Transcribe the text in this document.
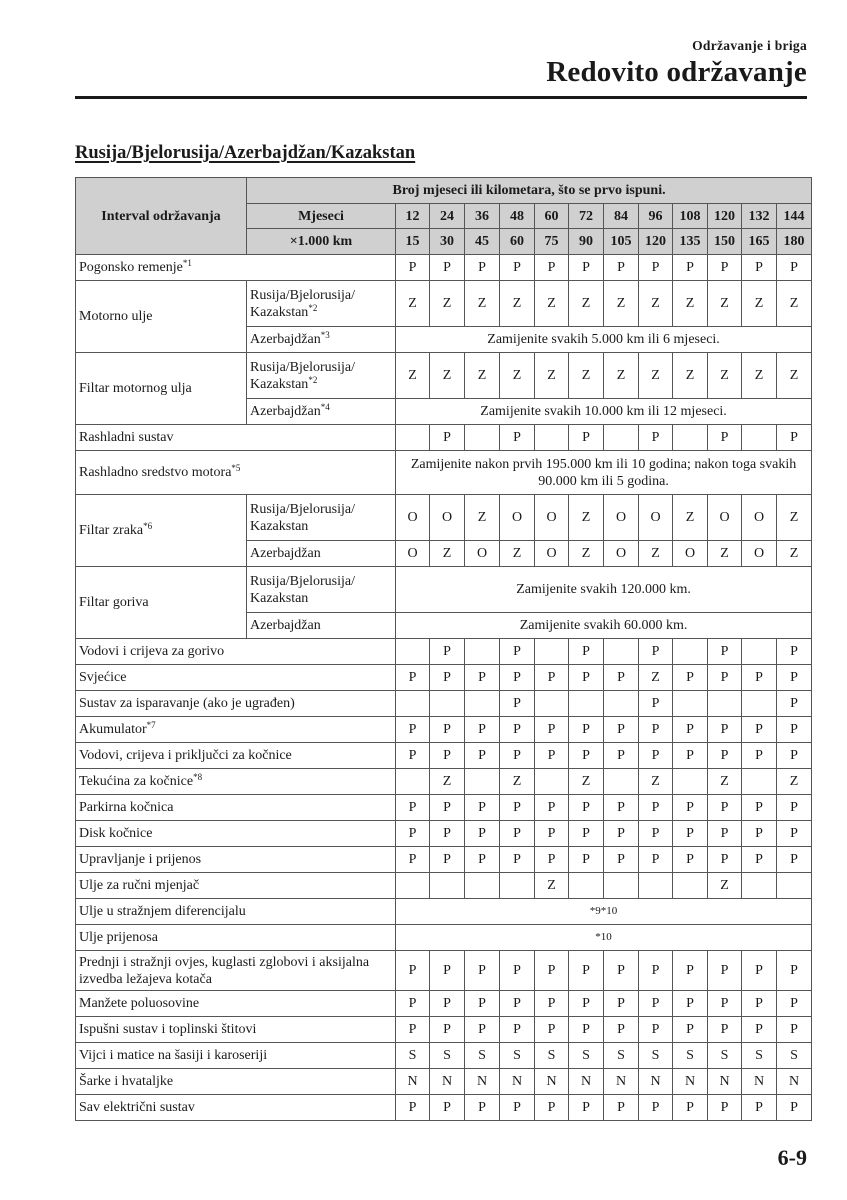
Održavanje i briga
Redovito održavanje
Rusija/Bjelorusija/Azerbajdžan/Kazakstan
Interval održavanja	Broj mjeseci ili kilometara, što se prvo ispuni.												
	Mjeseci	12	24	36	48	60	72	84	96	108	120	132	144
	×1.000 km	15	30	45	60	75	90	105	120	135	150	165	180
Pogonsko remenje$^{*1}$		P	P	P	P	P	P	P	P	P	P	P	P
Motorno ulje	Rusija/Bjelorusija/ Kazakstan$^{*2}$	Z	Z	Z	Z	Z	Z	Z	Z	Z	Z	Z	Z
	Azerbajdžan$^{*3}$	Zamijenite svakih 5.000 km ili 6 mjeseci.											
Filtar motornog ulja	Rusija/Bjelorusija/ Kazakstan$^{*2}$	Z	Z	Z	Z	Z	Z	Z	Z	Z	Z	Z	Z
	Azerbajdžan$^{*4}$	Zamijenite svakih 10.000 km ili 12 mjeseci.											
Rashladni sustav			P		P		P		P		P		P
Rashladno sredstvo motora$^{*5}$		Zamijenite nakon prvih 195.000 km ili 10 godina; nakon toga svakih 90.000 km ili 5 godina.											
Filtar zraka$^{*6}$	Rusija/Bjelorusija/ Kazakstan	O	O	Z	O	O	Z	O	O	Z	O	O	Z
	Azerbajdžan	O	Z	O	Z	O	Z	O	Z	O	Z	O	Z
Filtar goriva	Rusija/Bjelorusija/ Kazakstan	Zamijenite svakih 120.000 km.											
	Azerbajdžan	Zamijenite svakih 60.000 km.											
Vodovi i crijeva za gorivo			P		P		P		P		P		P
Svjećice		P	P	P	P	P	P	P	Z	P	P	P	P
Sustav za isparavanje (ako je ugrađen)					P				P				P
Akumulator$^{*7}$		P	P	P	P	P	P	P	P	P	P	P	P
Vodovi, crijeva i priključci za kočnice		P	P	P	P	P	P	P	P	P	P	P	P
Tekućina za kočnice$^{*8}$			Z		Z		Z		Z		Z		Z
Parkirna kočnica		P	P	P	P	P	P	P	P	P	P	P	P
Disk kočnice		P	P	P	P	P	P	P	P	P	P	P	P
Upravljanje i prijenos		P	P	P	P	P	P	P	P	P	P	P	P
Ulje za ručni mjenjač						Z					Z		
Ulje u stražnjem diferencijalu		*9*10											
Ulje prijenosa		*10											
Prednji i stražnji ovjes, kuglasti zglobovi i aksijalna izvedba ležajeva kotača		P	P	P	P	P	P	P	P	P	P	P	P
Manžete poluosovine		P	P	P	P	P	P	P	P	P	P	P	P
Ispušni sustav i toplinski štitovi		P	P	P	P	P	P	P	P	P	P	P	P
Vijci i matice na šasiji i karoseriji		S	S	S	S	S	S	S	S	S	S	S	S
Šarke i hvataljke		N	N	N	N	N	N	N	N	N	N	N	N
Sav električni sustav		P	P	P	P	P	P	P	P	P	P	P	P
6-9
